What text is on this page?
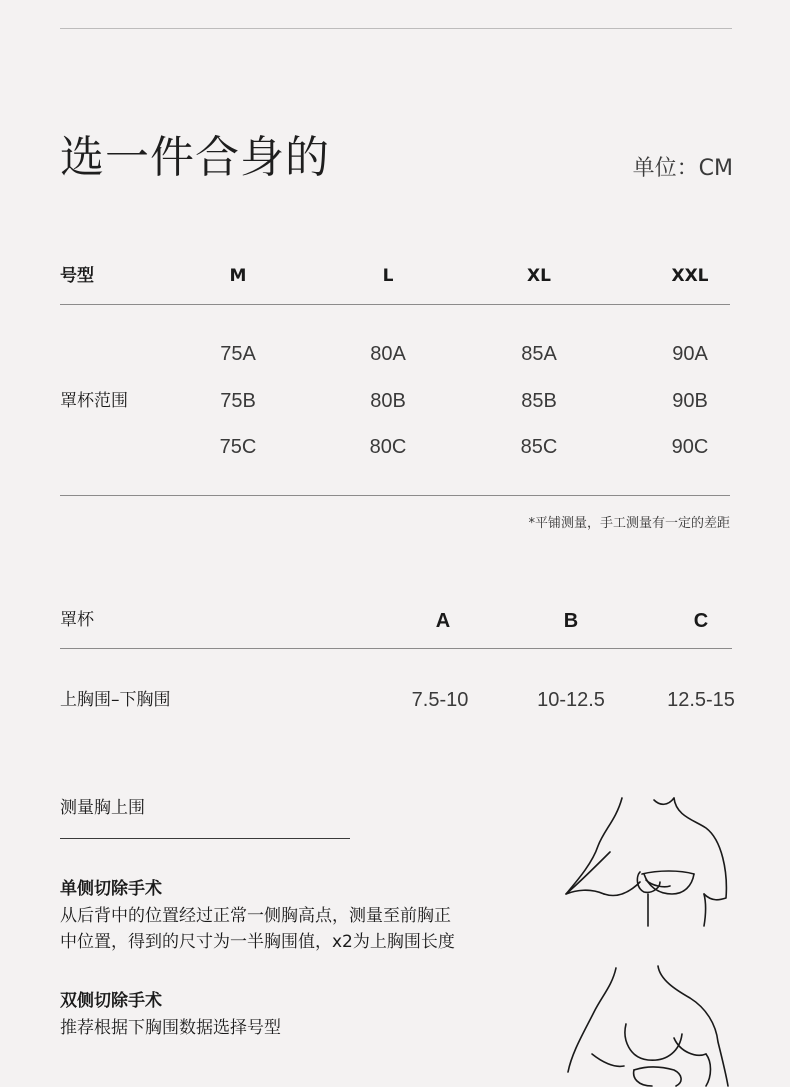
选一件合身的	单位：CM
号型	M	L	XL	XXL
罩杯范围
75A	80A	85A	90A
75B	80B	85B	90B
75C	80C	85C	90C
*平铺测量，手工测量有一定的差距
罩杯	A	B	C
上胸围–下胸围	7.5-10	10-12.5	12.5-15
测量胸上围
单侧切除手术
从后背中的位置经过正常一侧胸高点，测量至前胸正
中位置，得到的尺寸为一半胸围值，x2为上胸围长度
双侧切除手术
推荐根据下胸围数据选择号型
